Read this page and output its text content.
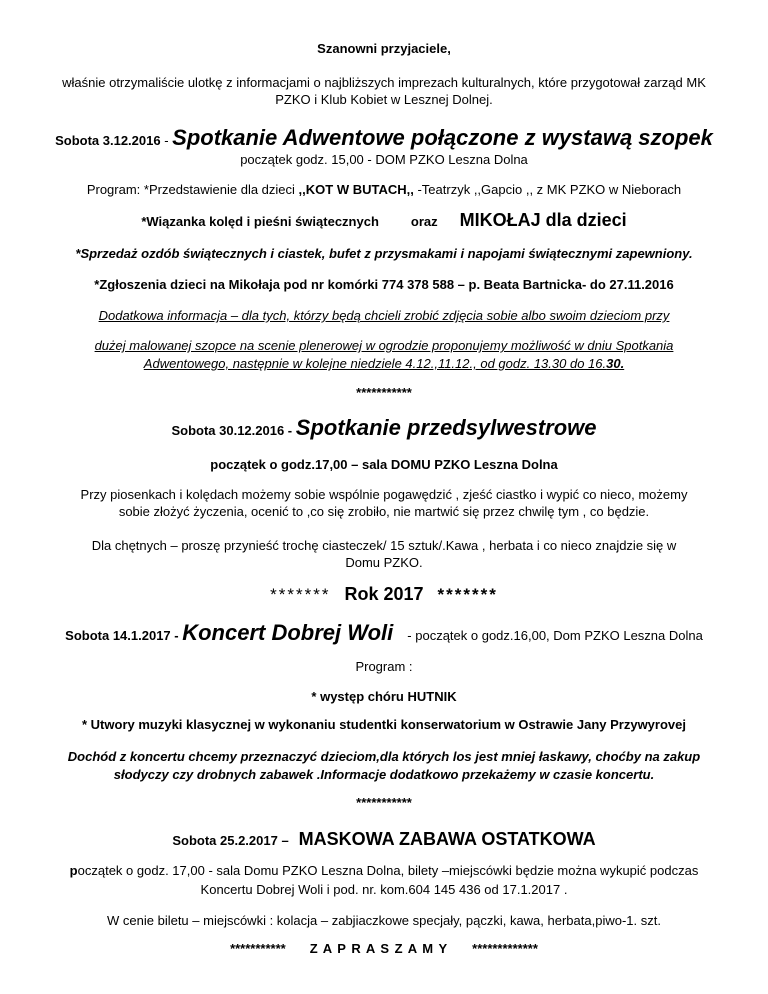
Szanowni przyjaciele,
właśnie otrzymaliście ulotkę z informacjami o najbliższych imprezach kulturalnych, które przygotował zarząd MK
PZKO i Klub Kobiet w Lesznej Dolnej.
Sobota 3.12.2016 - Spotkanie Adwentowe połączone z wystawą szopek
początek godz. 15,00 - DOM PZKO Leszna Dolna
Program: *Przedstawienie dla dzieci ,,KOT W BUTACH,, -Teatrzyk ,,Gapcio ,, z MK PZKO w Nieborach
*Wiązanka kolęd i pieśni świątecznych oraz MIKOŁAJ dla dzieci
*Sprzedaż ozdób świątecznych i ciastek, bufet z przysmakami i napojami świątecznymi zapewniony.
*Zgłoszenia dzieci na Mikołaja pod nr komórki 774 378 588 – p. Beata Bartnicka- do 27.11.2016
Dodatkowa informacja – dla tych, którzy będą chcieli zrobić zdjęcia sobie albo swoim dzieciom przy
dużej malowanej szopce na scenie plenerowej w ogrodzie proponujemy możliwość w dniu Spotkania
Adwentowego, następnie w kolejne niedziele 4.12.,11.12., od godz. 13.30 do 16.30.
***********
Sobota 30.12.2016 - Spotkanie przedsylwestrowe
początek o godz.17,00 – sala DOMU PZKO Leszna Dolna
Przy piosenkach i kolędach możemy sobie wspólnie pogawędzić , zjeść ciastko i wypić co nieco, możemy
sobie złożyć życzenia, ocenić to ,co się zrobiło, nie martwić się przez chwilę tym , co będzie.
Dla chętnych – proszę przynieść trochę ciasteczek/ 15 sztuk/.Kawa , herbata i co nieco znajdzie się w
Domu PZKO.
******* Rok 2017 *******
Sobota 14.1.2017 - Koncert Dobrej Woli - początek o godz.16,00, Dom PZKO Leszna Dolna
Program :
* występ chóru HUTNIK
* Utwory muzyki klasycznej w wykonaniu studentki konserwatorium w Ostrawie Jany Przywyrovej
Dochód z koncertu chcemy przeznaczyć dzieciom,dla których los jest mniej łaskawy, choćby na zakup
słodyczy czy drobnych zabawek .Informacje dodatkowo przekażemy w czasie koncertu.
***********
Sobota 25.2.2017 – MASKOWA ZABAWA OSTATKOWA
początek o godz. 17,00 - sala Domu PZKO Leszna Dolna, bilety –miejscówki będzie można wykupić podczas
Koncertu Dobrej Woli i pod. nr. kom.604 145 436 od 17.1.2017 .
W cenie biletu – miejscówki : kolacja – zabjiaczkowe specjały, pączki, kawa, herbata,piwo-1. szt.
*********** Z A P R A S Z A M Y *************
